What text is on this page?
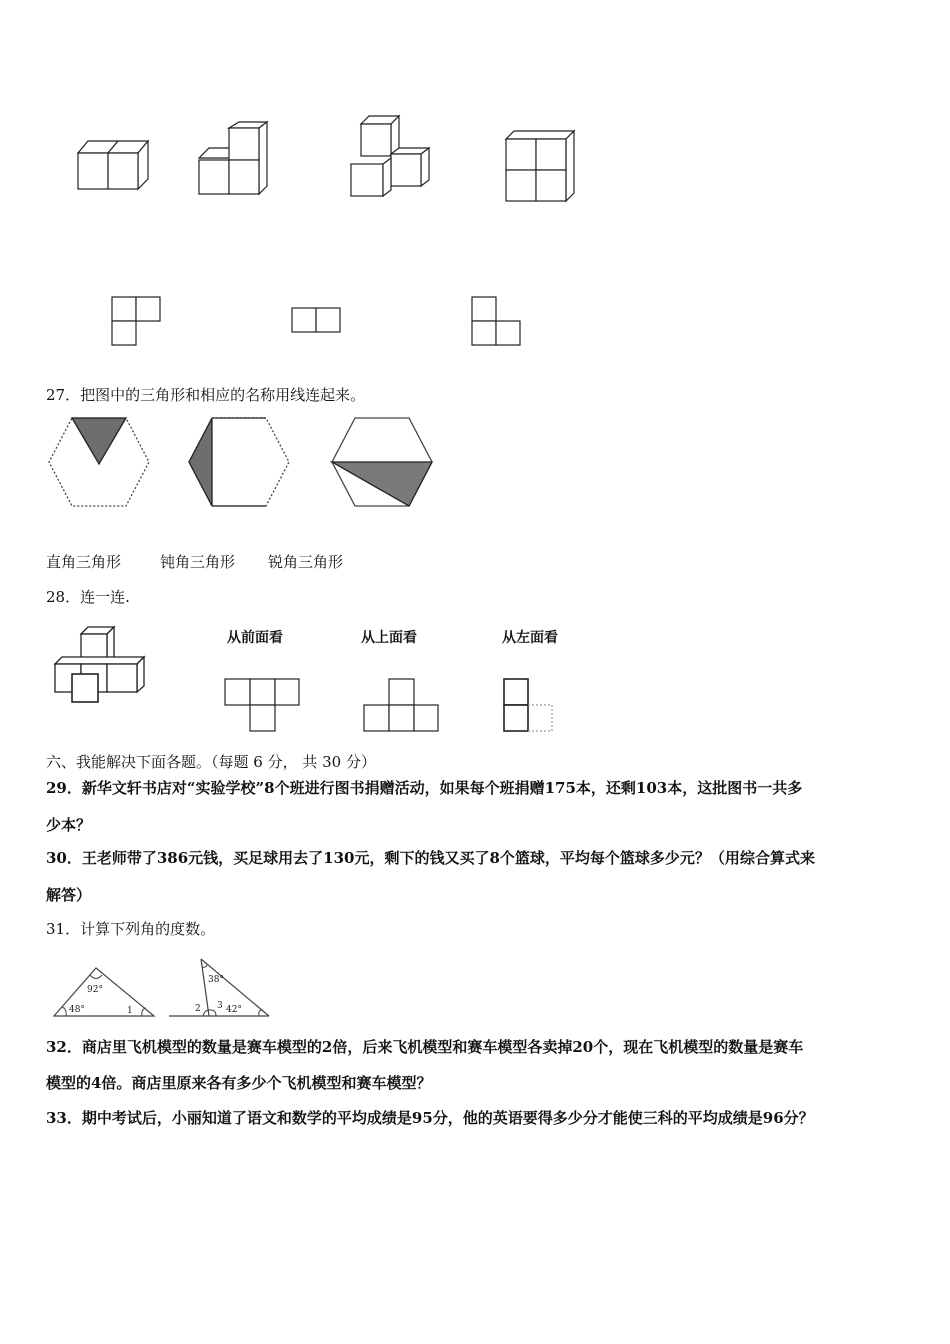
27．把图中的三角形和相应的名称用线连起来。
直角三角形	钝角三角形 锐角三角形
28．连一连.
从前面看	从上面看	从左面看
六、我能解决下面各题。（每题 6 分， 共 30 分）
29．新华文轩书店对“实验学校”8个班进行图书捐赠活动，如果每个班捐赠175本，还剩103本，这批图书一共多
少本？
30．王老师带了386元钱，买足球用去了130元，剩下的钱又买了8个篮球，平均每个篮球多少元？（用综合算式来
解答）
31．计算下列角的度数。
92°
48°	1
38°
2 3 42°
32．商店里飞机模型的数量是赛车模型的2倍，后来飞机模型和赛车模型各卖掉20个，现在飞机模型的数量是赛车
模型的4倍。商店里原来各有多少个飞机模型和赛车模型？
33．期中考试后，小丽知道了语文和数学的平均成绩是95分，他的英语要得多少分才能使三科的平均成绩是96分？
